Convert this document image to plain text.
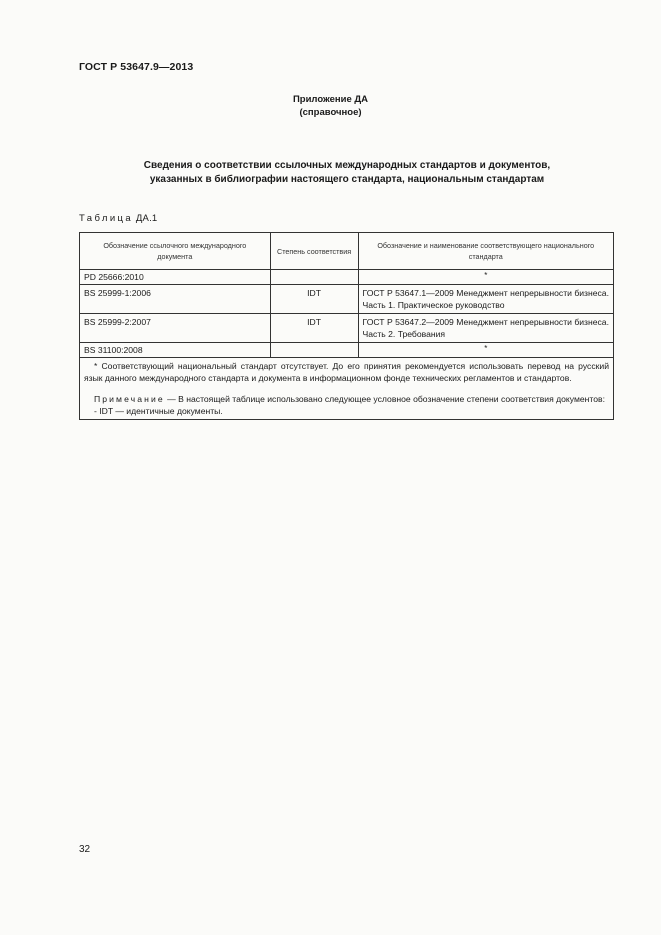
ГОСТ Р 53647.9—2013
Приложение ДА
(справочное)
Сведения о соответствии ссылочных международных стандартов и документов,
указанных в библиографии настоящего стандарта, национальным стандартам
Таблица ДА.1
Обозначение ссылочного международного документа	Степень соответствия	Обозначение и наименование соответствующего национального стандарта
PD 25666:2010		*
BS 25999-1:2006	IDT	ГОСТ Р 53647.1—2009 Менеджмент непрерывности бизнеса. Часть 1. Практическое руководство
BS 25999-2:2007	IDT	ГОСТ Р 53647.2—2009 Менеджмент непрерывности бизнеса. Часть 2. Требования
BS 31100:2008		*

* Соответствующий национальный стандарт отсутствует. До его принятия рекомендуется использовать перевод на русский язык данного международного стандарта и документа в информационном фонде технических регламентов и стандартов.

Примечание — В настоящей таблице использовано следующее условное обозначение степени соответствия документов:

- IDT — идентичные документы.		

32
